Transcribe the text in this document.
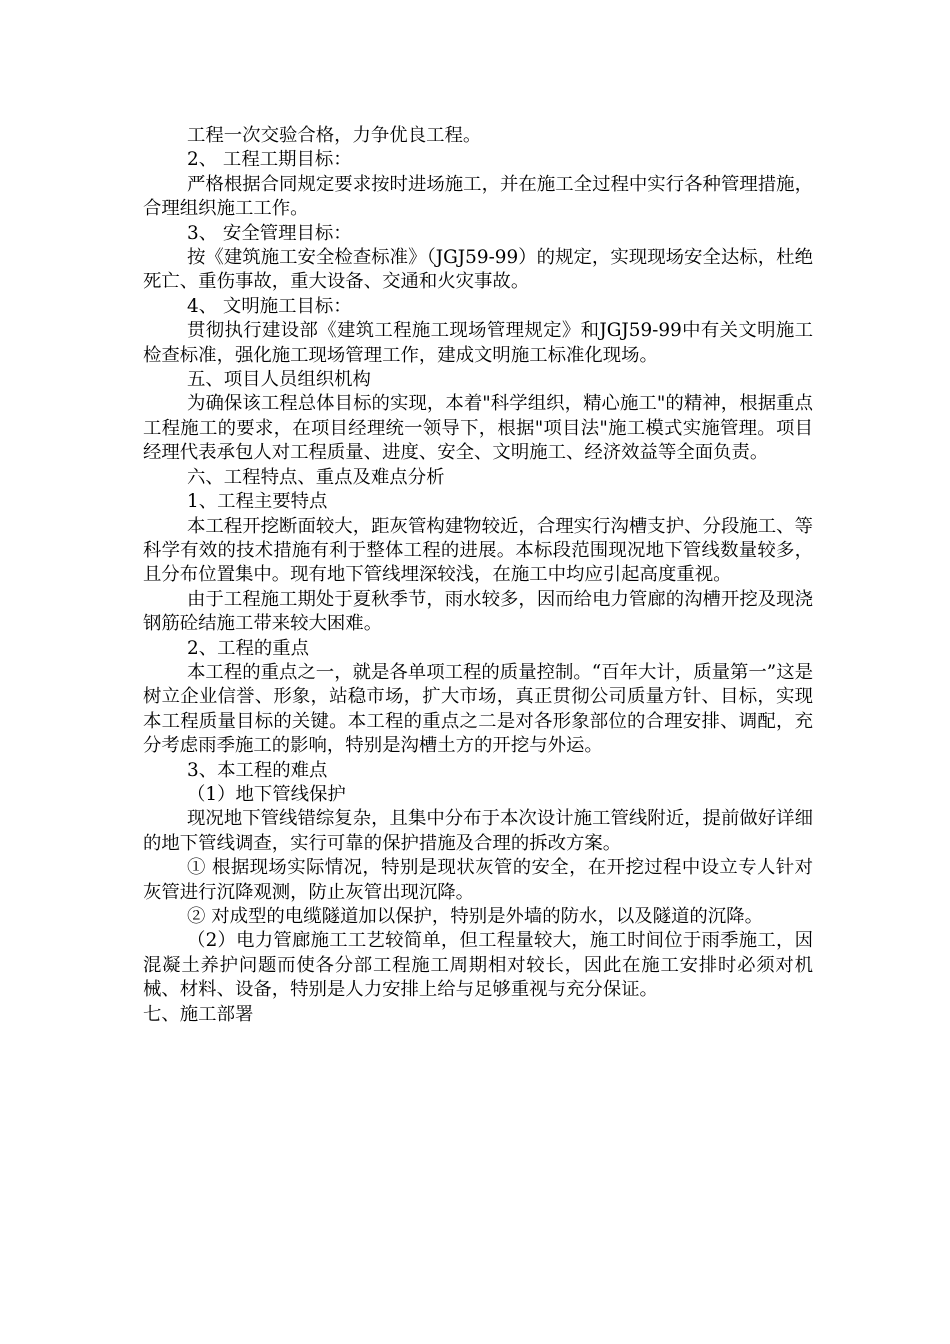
工程一次交验合格，力争优良工程。

2、 工程工期目标：

严格根据合同规定要求按时进场施工，并在施工全过程中实行各种管理措施，合理组织施工工作。

3、 安全管理目标：

按《建筑施工安全检查标准》（JGJ59-99）的规定，实现现场安全达标，杜绝死亡、重伤事故，重大设备、交通和火灾事故。

4、 文明施工目标：

贯彻执行建设部《建筑工程施工现场管理规定》和JGJ59-99中有关文明施工检查标准，强化施工现场管理工作，建成文明施工标准化现场。

五、项目人员组织机构

为确保该工程总体目标的实现，本着"科学组织，精心施工"的精神，根据重点工程施工的要求，在项目经理统一领导下，根据"项目法"施工模式实施管理。项目经理代表承包人对工程质量、进度、安全、文明施工、经济效益等全面负责。

六、工程特点、重点及难点分析

1、工程主要特点

本工程开挖断面较大，距灰管构建物较近，合理实行沟槽支护、分段施工、等科学有效的技术措施有利于整体工程的进展。本标段范围现况地下管线数量较多，且分布位置集中。现有地下管线埋深较浅，在施工中均应引起高度重视。

由于工程施工期处于夏秋季节，雨水较多，因而给电力管廊的沟槽开挖及现浇钢筋砼结施工带来较大困难。

2、工程的重点

本工程的重点之一，就是各单项工程的质量控制。“百年大计，质量第一”这是树立企业信誉、形象，站稳市场，扩大市场，真正贯彻公司质量方针、目标，实现本工程质量目标的关键。本工程的重点之二是对各形象部位的合理安排、调配，充分考虑雨季施工的影响，特别是沟槽土方的开挖与外运。

3、本工程的难点

（1）地下管线保护

现况地下管线错综复杂，且集中分布于本次设计施工管线附近，提前做好详细的地下管线调查，实行可靠的保护措施及合理的拆改方案。

① 根据现场实际情况，特别是现状灰管的安全，在开挖过程中设立专人针对灰管进行沉降观测，防止灰管出现沉降。

② 对成型的电缆隧道加以保护，特别是外墙的防水，以及隧道的沉降。

（2）电力管廊施工工艺较简单，但工程量较大，施工时间位于雨季施工，因混凝土养护问题而使各分部工程施工周期相对较长，因此在施工安排时必须对机械、材料、设备，特别是人力安排上给与足够重视与充分保证。

七、施工部署
